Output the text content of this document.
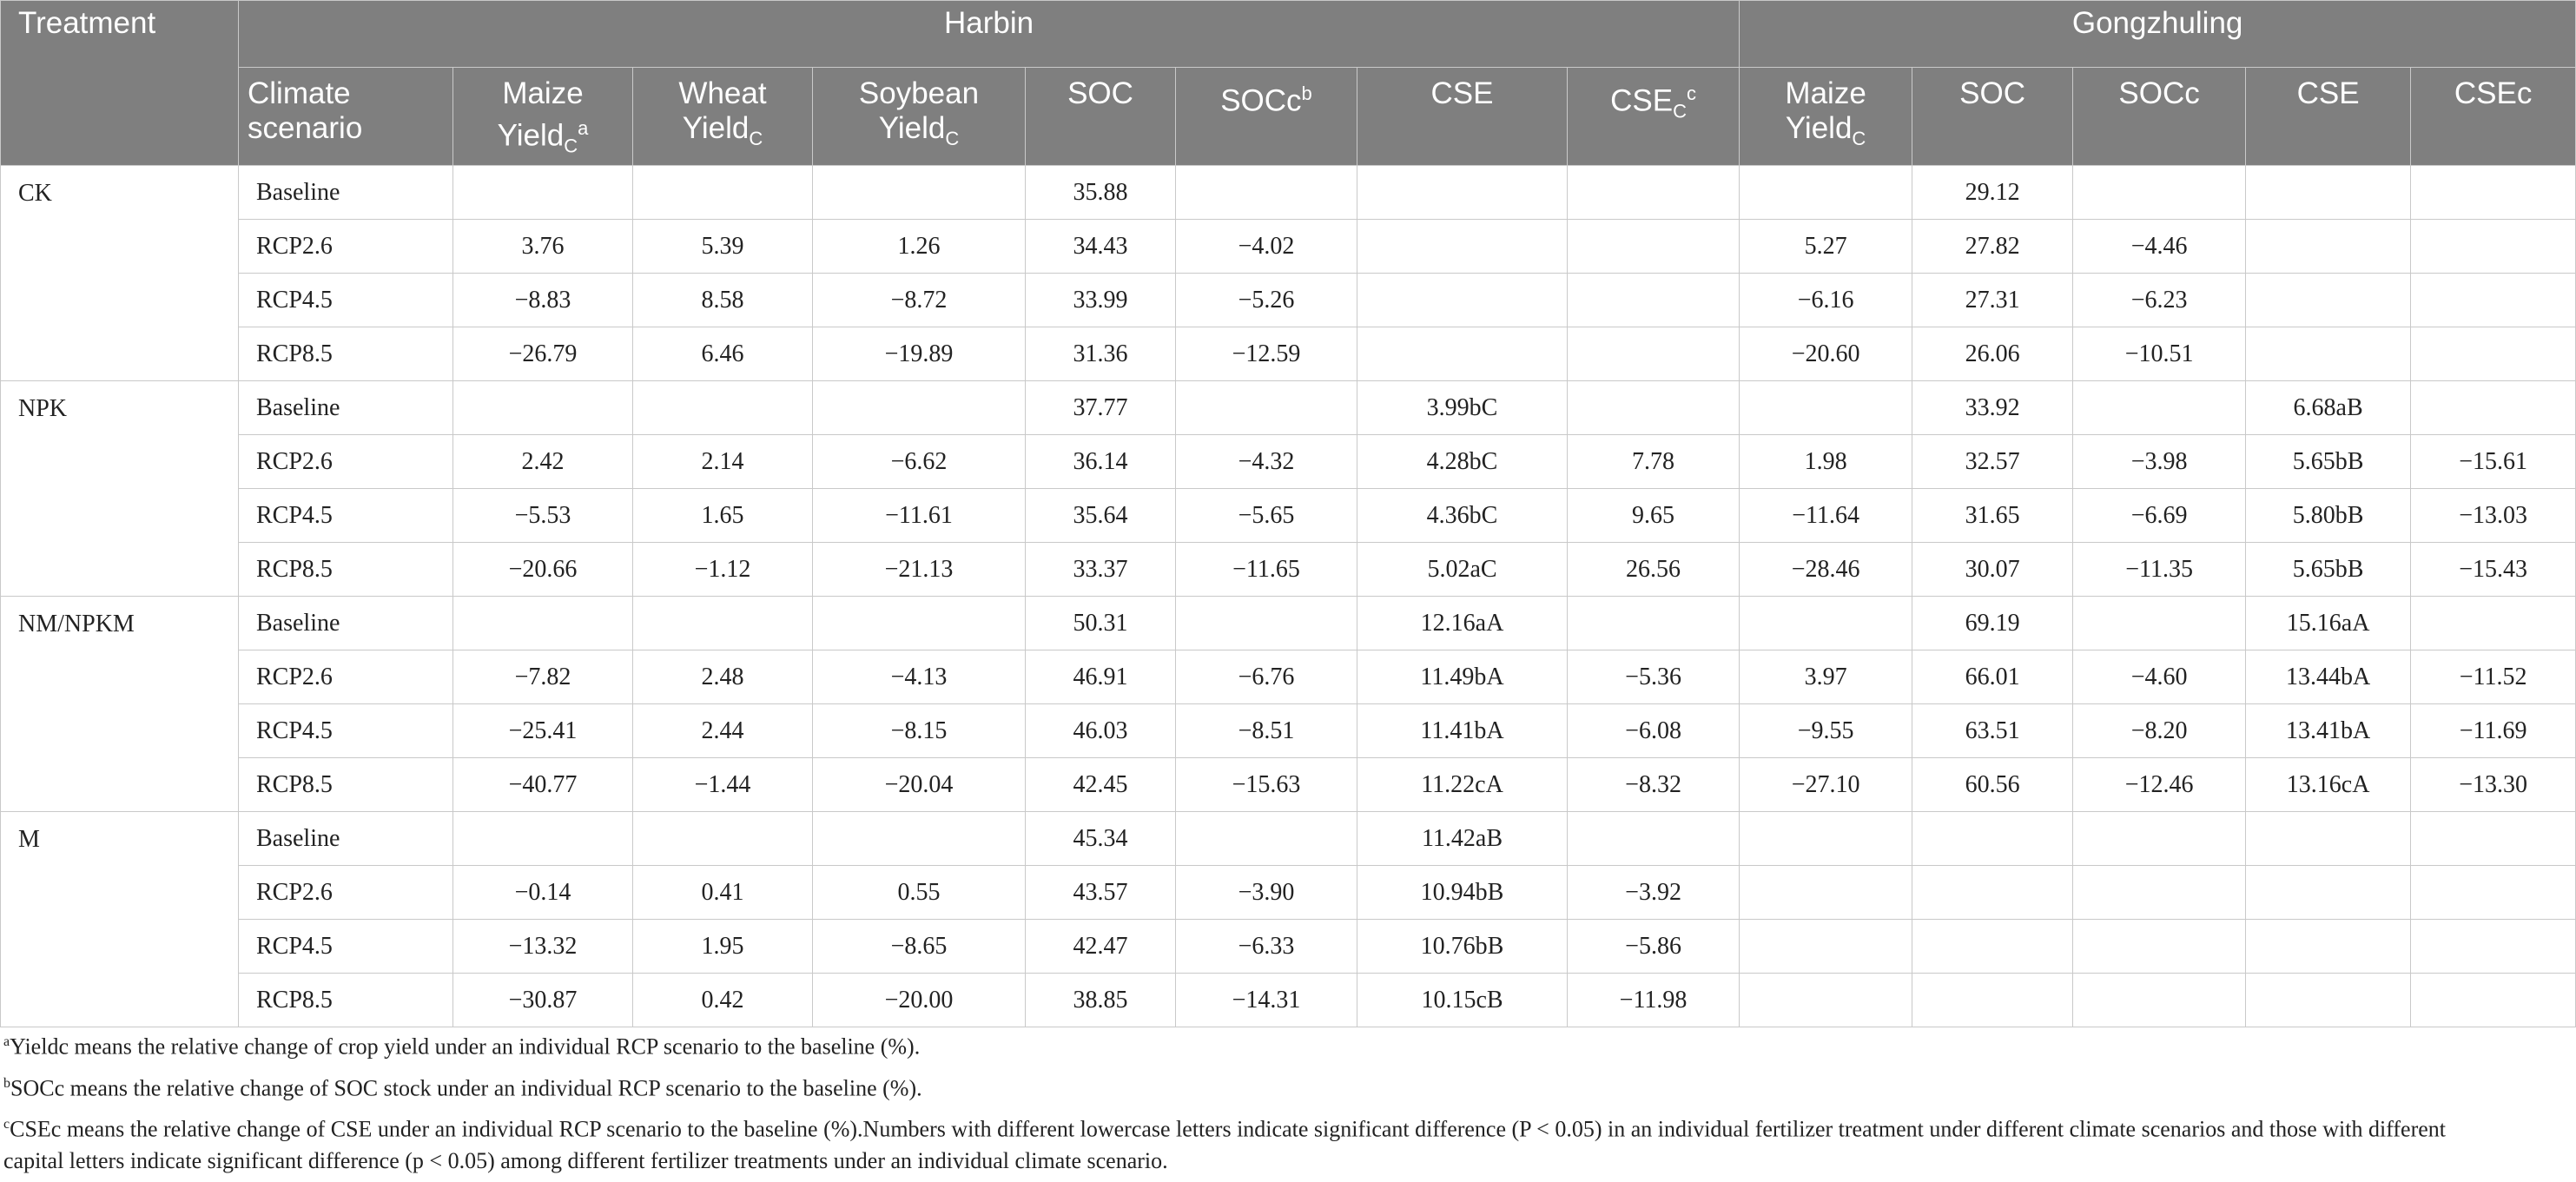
Treatment	Harbin								Gongzhuling				
	Climate scenario	Maize Yield$_C^a$	Wheat Yield$_C$	Soybean Yield$_C$	SOC	SOCc$^b$	CSE	$CSE_C^c$	Maize Yield$_C$	SOC	SOCc	CSE	CSEc
CK	Baseline				35.88					29.12			
	RCP2.6	3.76	5.39	1.26	34.43	−4.02			5.27	27.82	−4.46		
	RCP4.5	−8.83	8.58	−8.72	33.99	−5.26			−6.16	27.31	−6.23		
	RCP8.5	−26.79	6.46	−19.89	31.36	−12.59			−20.60	26.06	−10.51		
NPK	Baseline				37.77		3.99bC			33.92		6.68aB	
	RCP2.6	2.42	2.14	−6.62	36.14	−4.32	4.28bC	7.78	1.98	32.57	−3.98	5.65bB	−15.61
	RCP4.5	−5.53	1.65	−11.61	35.64	−5.65	4.36bC	9.65	−11.64	31.65	−6.69	5.80bB	−13.03
	RCP8.5	−20.66	−1.12	−21.13	33.37	−11.65	5.02aC	26.56	−28.46	30.07	−11.35	5.65bB	−15.43
NM/NPKM	Baseline				50.31		12.16aA			69.19		15.16aA	
	RCP2.6	−7.82	2.48	−4.13	46.91	−6.76	11.49bA	−5.36	3.97	66.01	−4.60	13.44bA	−11.52
	RCP4.5	−25.41	2.44	−8.15	46.03	−8.51	11.41bA	−6.08	−9.55	63.51	−8.20	13.41bA	−11.69
	RCP8.5	−40.77	−1.44	−20.04	42.45	−15.63	11.22cA	−8.32	−27.10	60.56	−12.46	13.16cA	−13.30
M	Baseline				45.34		11.42aB						
	RCP2.6	−0.14	0.41	0.55	43.57	−3.90	10.94bB	−3.92					
	RCP4.5	−13.32	1.95	−8.65	42.47	−6.33	10.76bB	−5.86					
	RCP8.5	−30.87	0.42	−20.00	38.85	−14.31	10.15cB	−11.98					

$^a$Yieldc means the relative change of crop yield under an individual RCP scenario to the baseline (%).

$^b$SOCc means the relative change of SOC stock under an individual RCP scenario to the baseline (%).

$^c$CSEc means the relative change of CSE under an individual RCP scenario to the baseline (%).Numbers with different lowercase letters indicate significant difference (P < 0.05) in an individual fertilizer treatment under different climate scenarios and those with different capital letters indicate significant difference (p < 0.05) among different fertilizer treatments under an individual climate scenario.
